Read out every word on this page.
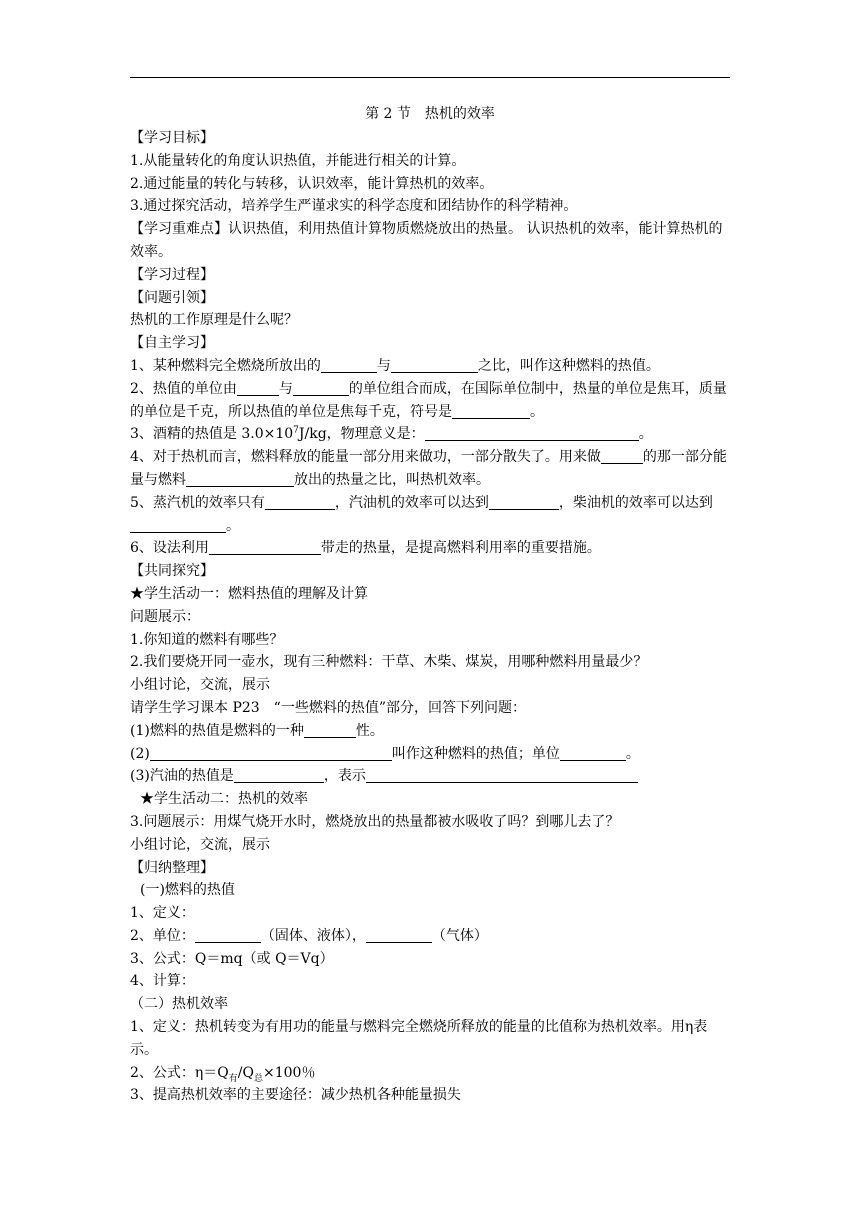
第 2 节　热机的效率
【学习目标】
1.从能量转化的角度认识热值，并能进行相关的计算。
2.通过能量的转化与转移，认识效率，能计算热机的效率。
3.通过探究活动，培养学生严谨求实的科学态度和团结协作的科学精神。
【学习重难点】认识热值，利用热值计算物质燃烧放出的热量。 认识热机的效率，能计算热机的效率。
【学习过程】
【问题引领】
热机的工作原理是什么呢？
【自主学习】
1、某种燃料完全燃烧所放出的	与	之比，叫作这种燃料的热值。
2、热值的单位由	与	的单位组合而成，在国际单位制中，热量的单位是焦耳，质量的单位是千克，所以热值的单位是焦每千克，符号是	。
3、酒精的热值是 $3.0\times 10^7J/kg$，物理意义是：	。
4、对于热机而言，燃料释放的能量一部分用来做功，一部分散失了。用来做	的那一部分能量与燃料	放出的热量之比，叫热机效率。
5、蒸汽机的效率只有	，汽油机的效率可以达到	，柴油机的效率可以达到。
6、设法利用	带走的热量，是提高燃料利用率的重要措施。
【共同探究】
★学生活动一：燃料热值的理解及计算
问题展示：
1.你知道的燃料有哪些？
2.我们要烧开同一壶水，现有三种燃料：干草、木柴、煤炭，用哪种燃料用量最少？
小组讨论，交流，展示
请学生学习课本 P23　“一些燃料的热值”部分，回答下列问题：
(1)燃料的热值是燃料的一种	性。
(2)	叫作这种燃料的热值；单位	。
(3)汽油的热值是	，表示
★学生活动二：热机的效率
3.问题展示：用煤气烧开水时，燃烧放出的热量都被水吸收了吗？到哪儿去了？
小组讨论，交流，展示
【归纳整理】
(一)燃料的热值
1、定义：
2、单位：	（固体、液体），	（气体）
3、公式：Q＝mq（或 Q＝Vq）
4、计算：
（二）热机效率
1、定义：热机转变为有用功的能量与燃料完全燃烧所释放的能量的比值称为热机效率。用η表示。
2、公式：$\eta=Q_有/Q_总\times 100$％
3、提高热机效率的主要途径：减少热机各种能量损失
